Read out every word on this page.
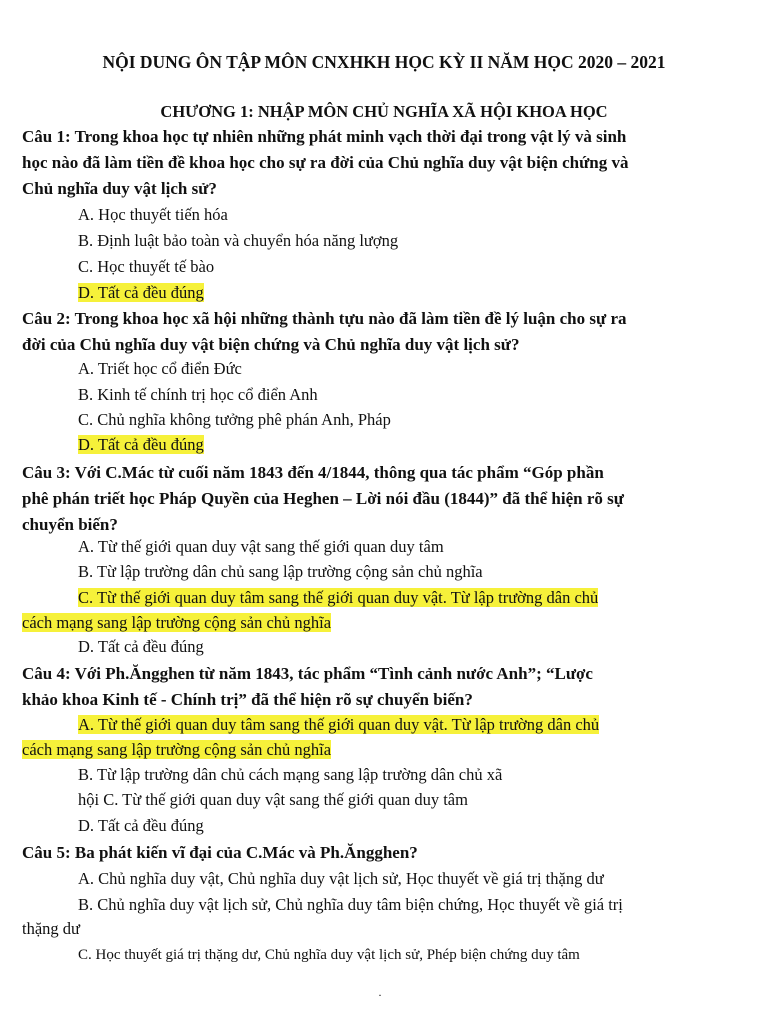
NỘI DUNG ÔN TẬP MÔN CNXHKH HỌC KỲ II NĂM HỌC 2020 – 2021
CHƯƠNG 1: NHẬP MÔN CHỦ NGHĨA XÃ HỘI KHOA HỌC
Câu 1: Trong khoa học tự nhiên những phát minh vạch thời đại trong vật lý và sinh
học nào đã làm tiền đề khoa học cho sự ra đời của Chủ nghĩa duy vật biện chứng và
Chủ nghĩa duy vật lịch sử?
A. Học thuyết tiến hóa
B. Định luật bảo toàn và chuyển hóa năng lượng
C. Học thuyết tế bào
D. Tất cả đều đúng
Câu 2: Trong khoa học xã hội những thành tựu nào đã làm tiền đề lý luận cho sự ra
đời của Chủ nghĩa duy vật biện chứng và Chủ nghĩa duy vật lịch sử?
A. Triết học cổ điển Đức
B. Kinh tế chính trị học cổ điển Anh
C. Chủ nghĩa không tưởng phê phán Anh, Pháp
D. Tất cả đều đúng
Câu 3: Với C.Mác từ cuối năm 1843 đến 4/1844, thông qua tác phẩm “Góp phần
phê phán triết học Pháp Quyền của Heghen – Lời nói đầu (1844)” đã thể hiện rõ sự
chuyển biến?
A. Từ thế giới quan duy vật sang thế giới quan duy tâm
B. Từ lập trường dân chủ sang lập trường cộng sản chủ nghĩa
C. Từ thế giới quan duy tâm sang thế giới quan duy vật. Từ lập trường dân chủ
cách mạng sang lập trường cộng sản chủ nghĩa
D. Tất cả đều đúng
Câu 4: Với Ph.Ăngghen từ năm 1843, tác phẩm “Tình cảnh nước Anh”; “Lược
khảo khoa Kinh tế - Chính trị” đã thể hiện rõ sự chuyển biến?
A. Từ thế giới quan duy tâm sang thế giới quan duy vật. Từ lập trường dân chủ
cách mạng sang lập trường cộng sản chủ nghĩa
B. Từ lập trường dân chủ cách mạng sang lập trường dân chủ xã
hội C. Từ thế giới quan duy vật sang thế giới quan duy tâm
D. Tất cả đều đúng
Câu 5: Ba phát kiến vĩ đại của C.Mác và Ph.Ăngghen?
A. Chủ nghĩa duy vật, Chủ nghĩa duy vật lịch sử, Học thuyết về giá trị thặng dư
B. Chủ nghĩa duy vật lịch sử, Chủ nghĩa duy tâm biện chứng, Học thuyết về giá trị
thặng dư
C. Học thuyết giá trị thặng dư, Chủ nghĩa duy vật lịch sử, Phép biện chứng duy tâm
·
